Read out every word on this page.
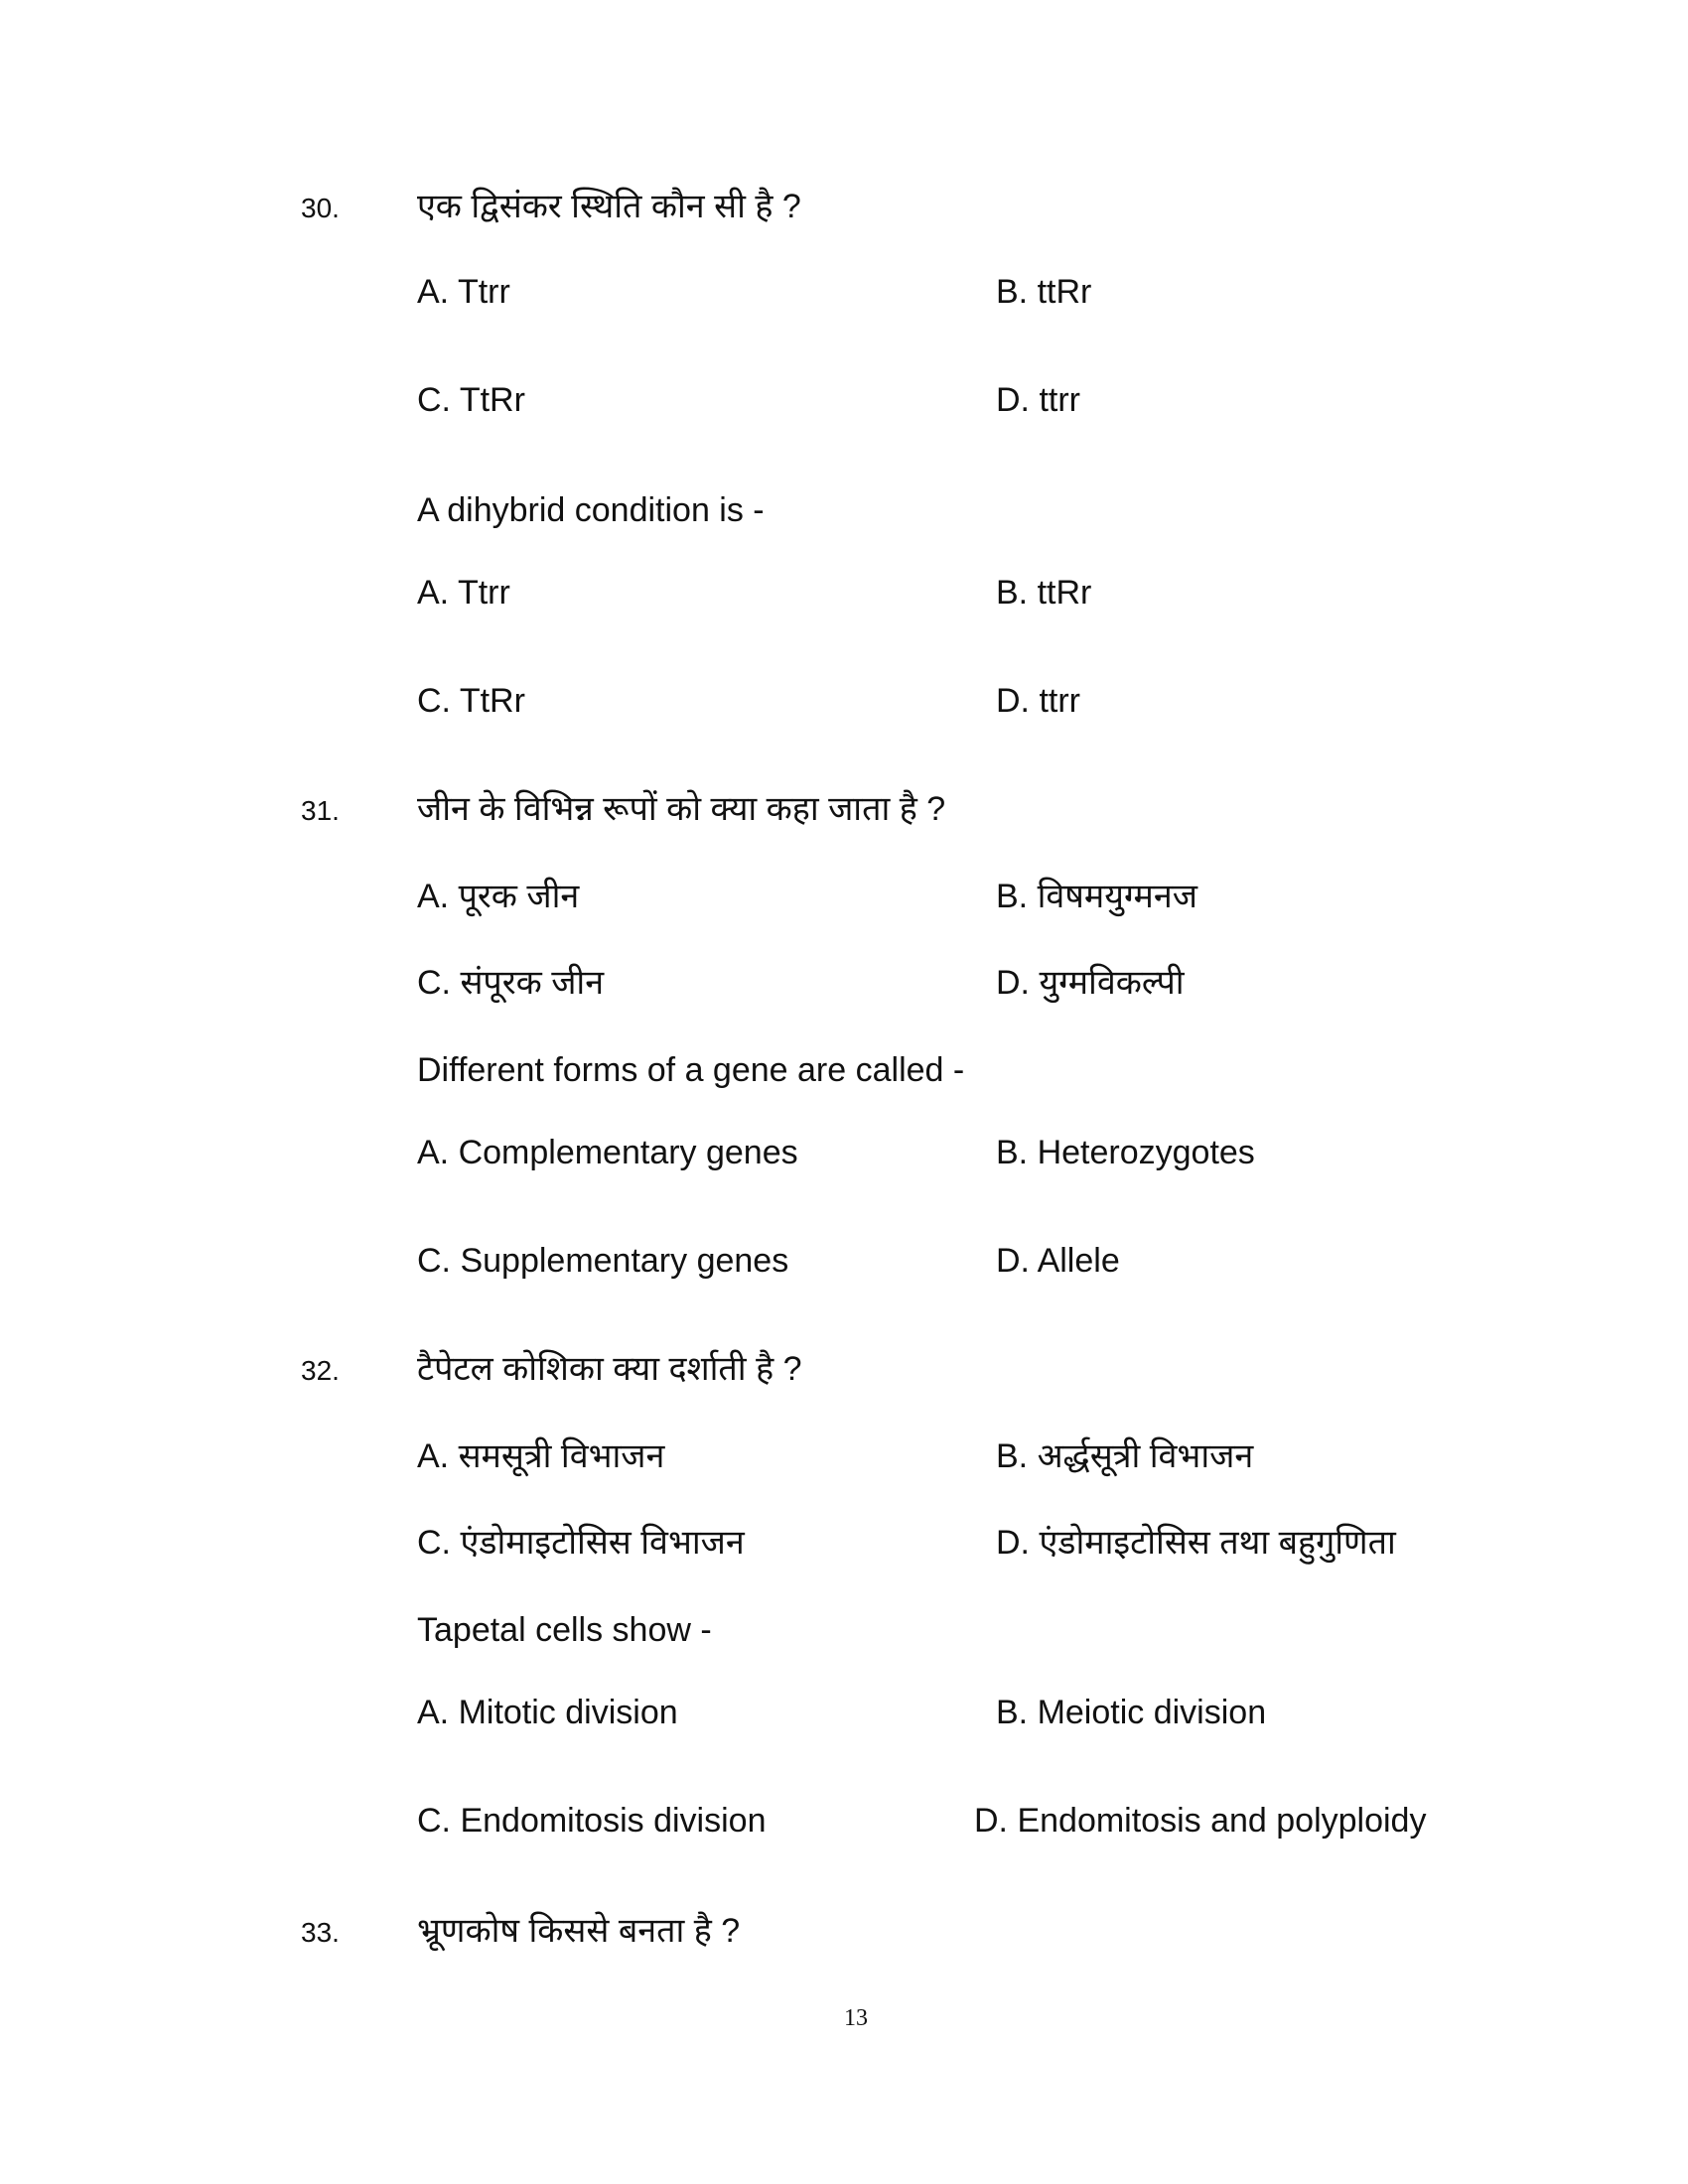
30. एक द्विसंकर स्थिति कौन सी है ?
A. Ttrr	B. ttRr
C. TtRr	D. ttrr
A dihybrid condition is -
A. Ttrr	B. ttRr
C. TtRr	D. ttrr
31. जीन के विभिन्न रूपों को क्या कहा जाता है ?
A. पूरक जीन	B. विषमयुग्मनज
C. संपूरक जीन	D. युग्मविकल्पी
Different forms of a gene are called -
A. Complementary genes	B. Heterozygotes
C. Supplementary genes	D. Allele
32. टैपेटल कोशिका क्या दर्शाती है ?
A. समसूत्री विभाजन	B. अर्द्धसूत्री विभाजन
C. एंडोमाइटोसिस विभाजन	D. एंडोमाइटोसिस तथा बहुगुणिता
Tapetal cells show -
A. Mitotic division	B. Meiotic division
C. Endomitosis division	D. Endomitosis and polyploidy
33. भ्रूणकोष किससे बनता है ?
13
